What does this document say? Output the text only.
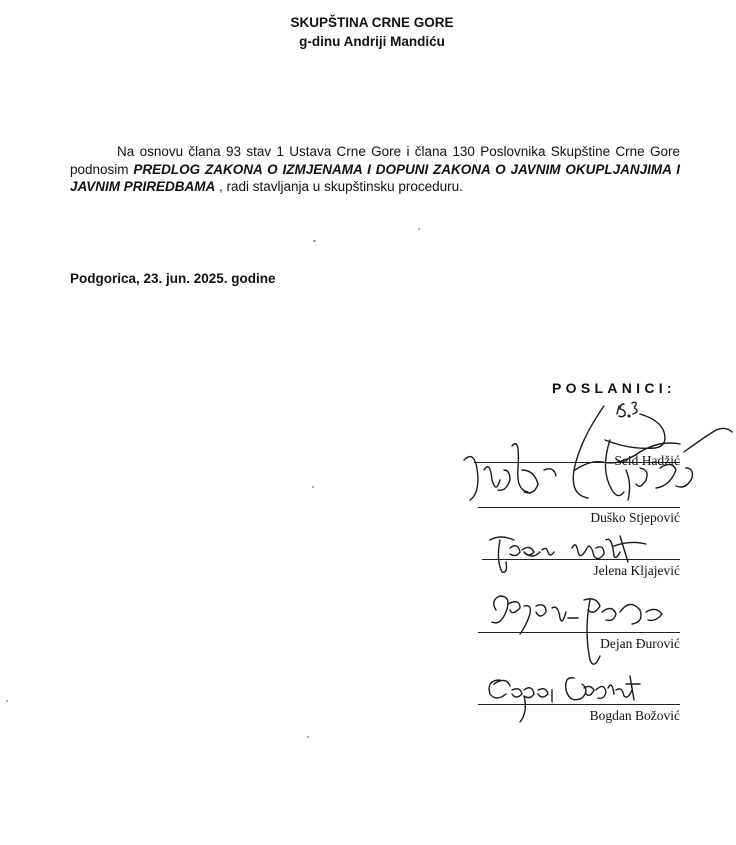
SKUPŠTINA CRNE GORE
g-dinu Andriji Mandiću
Na osnovu člana 93 stav 1 Ustava Crne Gore i člana 130 Poslovnika Skupštine Crne Gore podnosim PREDLOG ZAKONA O IZMJENAMA I DOPUNI ZAKONA O JAVNIM OKUPLJANJIMA I JAVNIM PRIREDBAMA , radi stavljanja u skupštinsku proceduru.
Podgorica, 23. jun. 2025. godine
POSLANICI:
Seid Hadžić
Duško Stjepović
Jelena Kljajević
Dejan Đurović
Bogdan Božović
